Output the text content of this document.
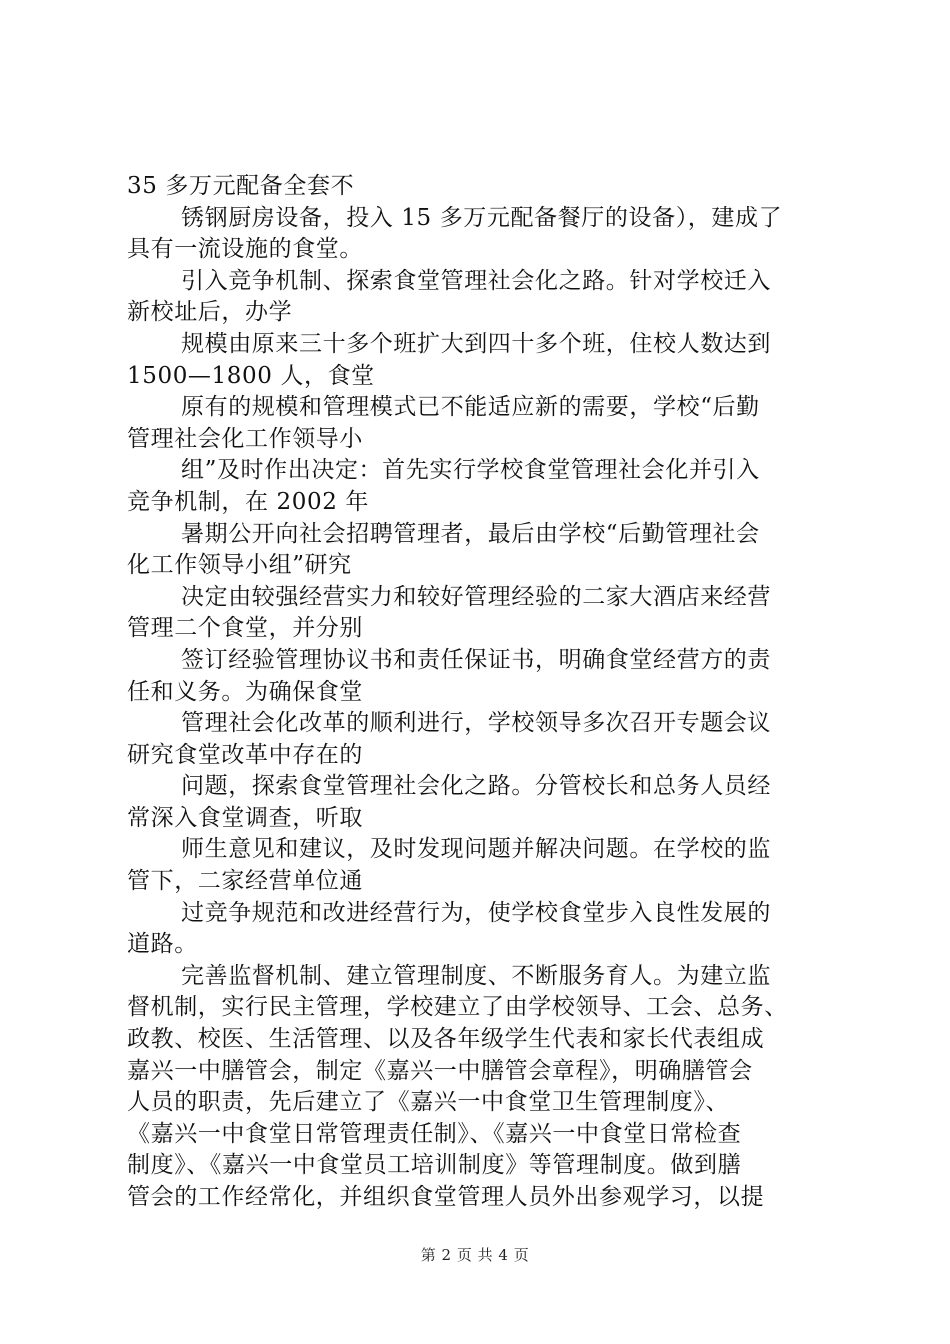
35 多万元配备全套不
锈钢厨房设备，投入 15 多万元配备餐厅的设备），建成了
具有一流设施的食堂。
引入竞争机制、探索食堂管理社会化之路。针对学校迁入
新校址后，办学
规模由原来三十多个班扩大到四十多个班，住校人数达到
1500—1800 人，食堂
原有的规模和管理模式已不能适应新的需要，学校“后勤
管理社会化工作领导小
组”及时作出决定：首先实行学校食堂管理社会化并引入
竞争机制，在 2002 年
暑期公开向社会招聘管理者，最后由学校“后勤管理社会
化工作领导小组”研究
决定由较强经营实力和较好管理经验的二家大酒店来经营
管理二个食堂，并分别
签订经验管理协议书和责任保证书，明确食堂经营方的责
任和义务。为确保食堂
管理社会化改革的顺利进行，学校领导多次召开专题会议
研究食堂改革中存在的
问题，探索食堂管理社会化之路。分管校长和总务人员经
常深入食堂调查，听取
师生意见和建议，及时发现问题并解决问题。在学校的监
管下，二家经营单位通
过竞争规范和改进经营行为，使学校食堂步入良性发展的
道路。
完善监督机制、建立管理制度、不断服务育人。为建立监
督机制，实行民主管理，学校建立了由学校领导、工会、总务、
政教、校医、生活管理、以及各年级学生代表和家长代表组成
嘉兴一中膳管会，制定《嘉兴一中膳管会章程》，明确膳管会
人员的职责，先后建立了《嘉兴一中食堂卫生管理制度》、
《嘉兴一中食堂日常管理责任制》、《嘉兴一中食堂日常检查
制度》、《嘉兴一中食堂员工培训制度》等管理制度。做到膳
管会的工作经常化，并组织食堂管理人员外出参观学习，以提
第 2 页 共 4 页
